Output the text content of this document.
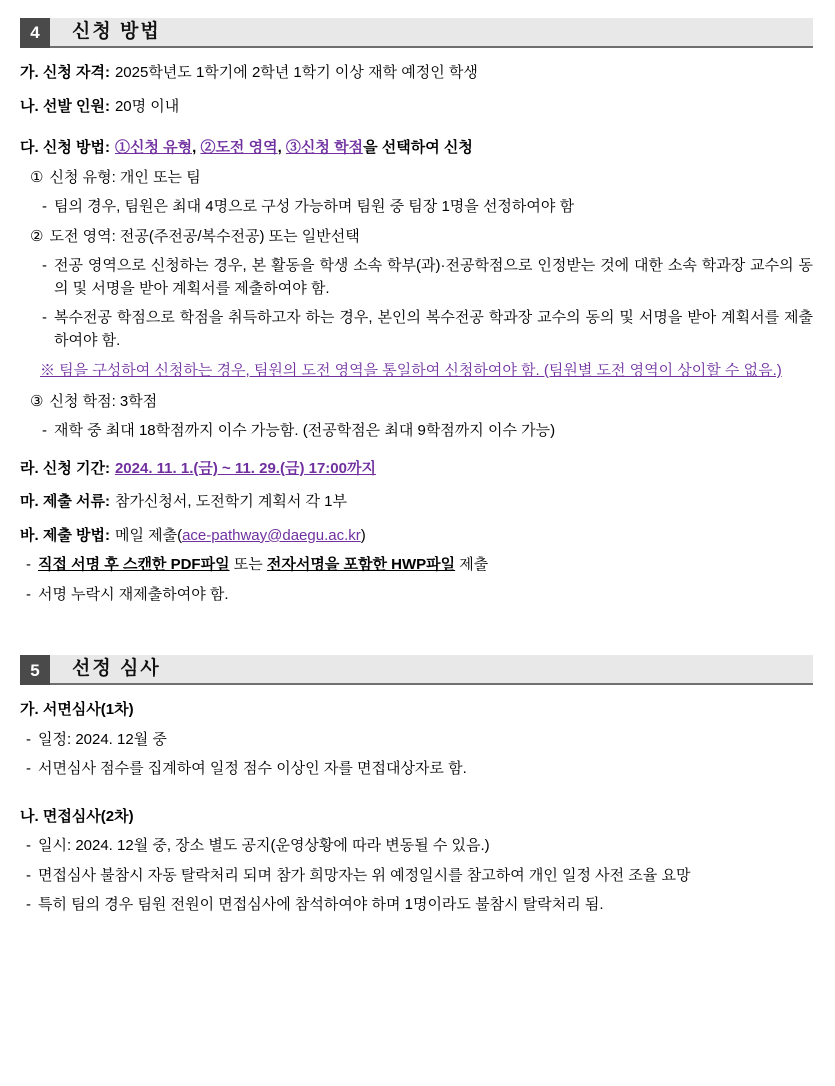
4	신청 방법
가. 신청 자격: 2025학년도 1학기에 2학년 1학기 이상 재학 예정인 학생
나. 선발 인원: 20명 이내
다. 신청 방법: ①신청 유형, ②도전 영역, ③신청 학점을 선택하여 신청
① 신청 유형: 개인 또는 팀
- 팀의 경우, 팀원은 최대 4명으로 구성 가능하며 팀원 중 팀장 1명을 선정하여야 함
② 도전 영역: 전공(주전공/복수전공) 또는 일반선택
- 전공 영역으로 신청하는 경우, 본 활동을 학생 소속 학부(과)·전공학점으로 인정받는 것에 대한 소속 학과장 교수의 동의 및 서명을 받아 계획서를 제출하여야 함.
- 복수전공 학점으로 학점을 취득하고자 하는 경우, 본인의 복수전공 학과장 교수의 동의 및 서명을 받아 계획서를 제출하여야 함.
※ 팀을 구성하여 신청하는 경우, 팀원의 도전 영역을 통일하여 신청하여야 함. (팀원별 도전 영역이 상이할 수 없음.)
③ 신청 학점: 3학점
- 재학 중 최대 18학점까지 이수 가능함. (전공학점은 최대 9학점까지 이수 가능)
라. 신청 기간: 2024. 11. 1.(금) ~ 11. 29.(금) 17:00까지
마. 제출 서류: 참가신청서, 도전학기 계획서 각 1부
바. 제출 방법: 메일 제출(ace-pathway@daegu.ac.kr)
- 직접 서명 후 스캔한 PDF파일 또는 전자서명을 포함한 HWP파일 제출
- 서명 누락시 재제출하여야 함.
5	선정 심사
가. 서면심사(1차)
- 일정: 2024. 12월 중
- 서면심사 점수를 집계하여 일정 점수 이상인 자를 면접대상자로 함.
나. 면접심사(2차)
- 일시: 2024. 12월 중, 장소 별도 공지(운영상황에 따라 변동될 수 있음.)
- 면접심사 불참시 자동 탈락처리 되며 참가 희망자는 위 예정일시를 참고하여 개인 일정 사전 조율 요망
- 특히 팀의 경우 팀원 전원이 면접심사에 참석하여야 하며 1명이라도 불참시 탈락처리 됨.
